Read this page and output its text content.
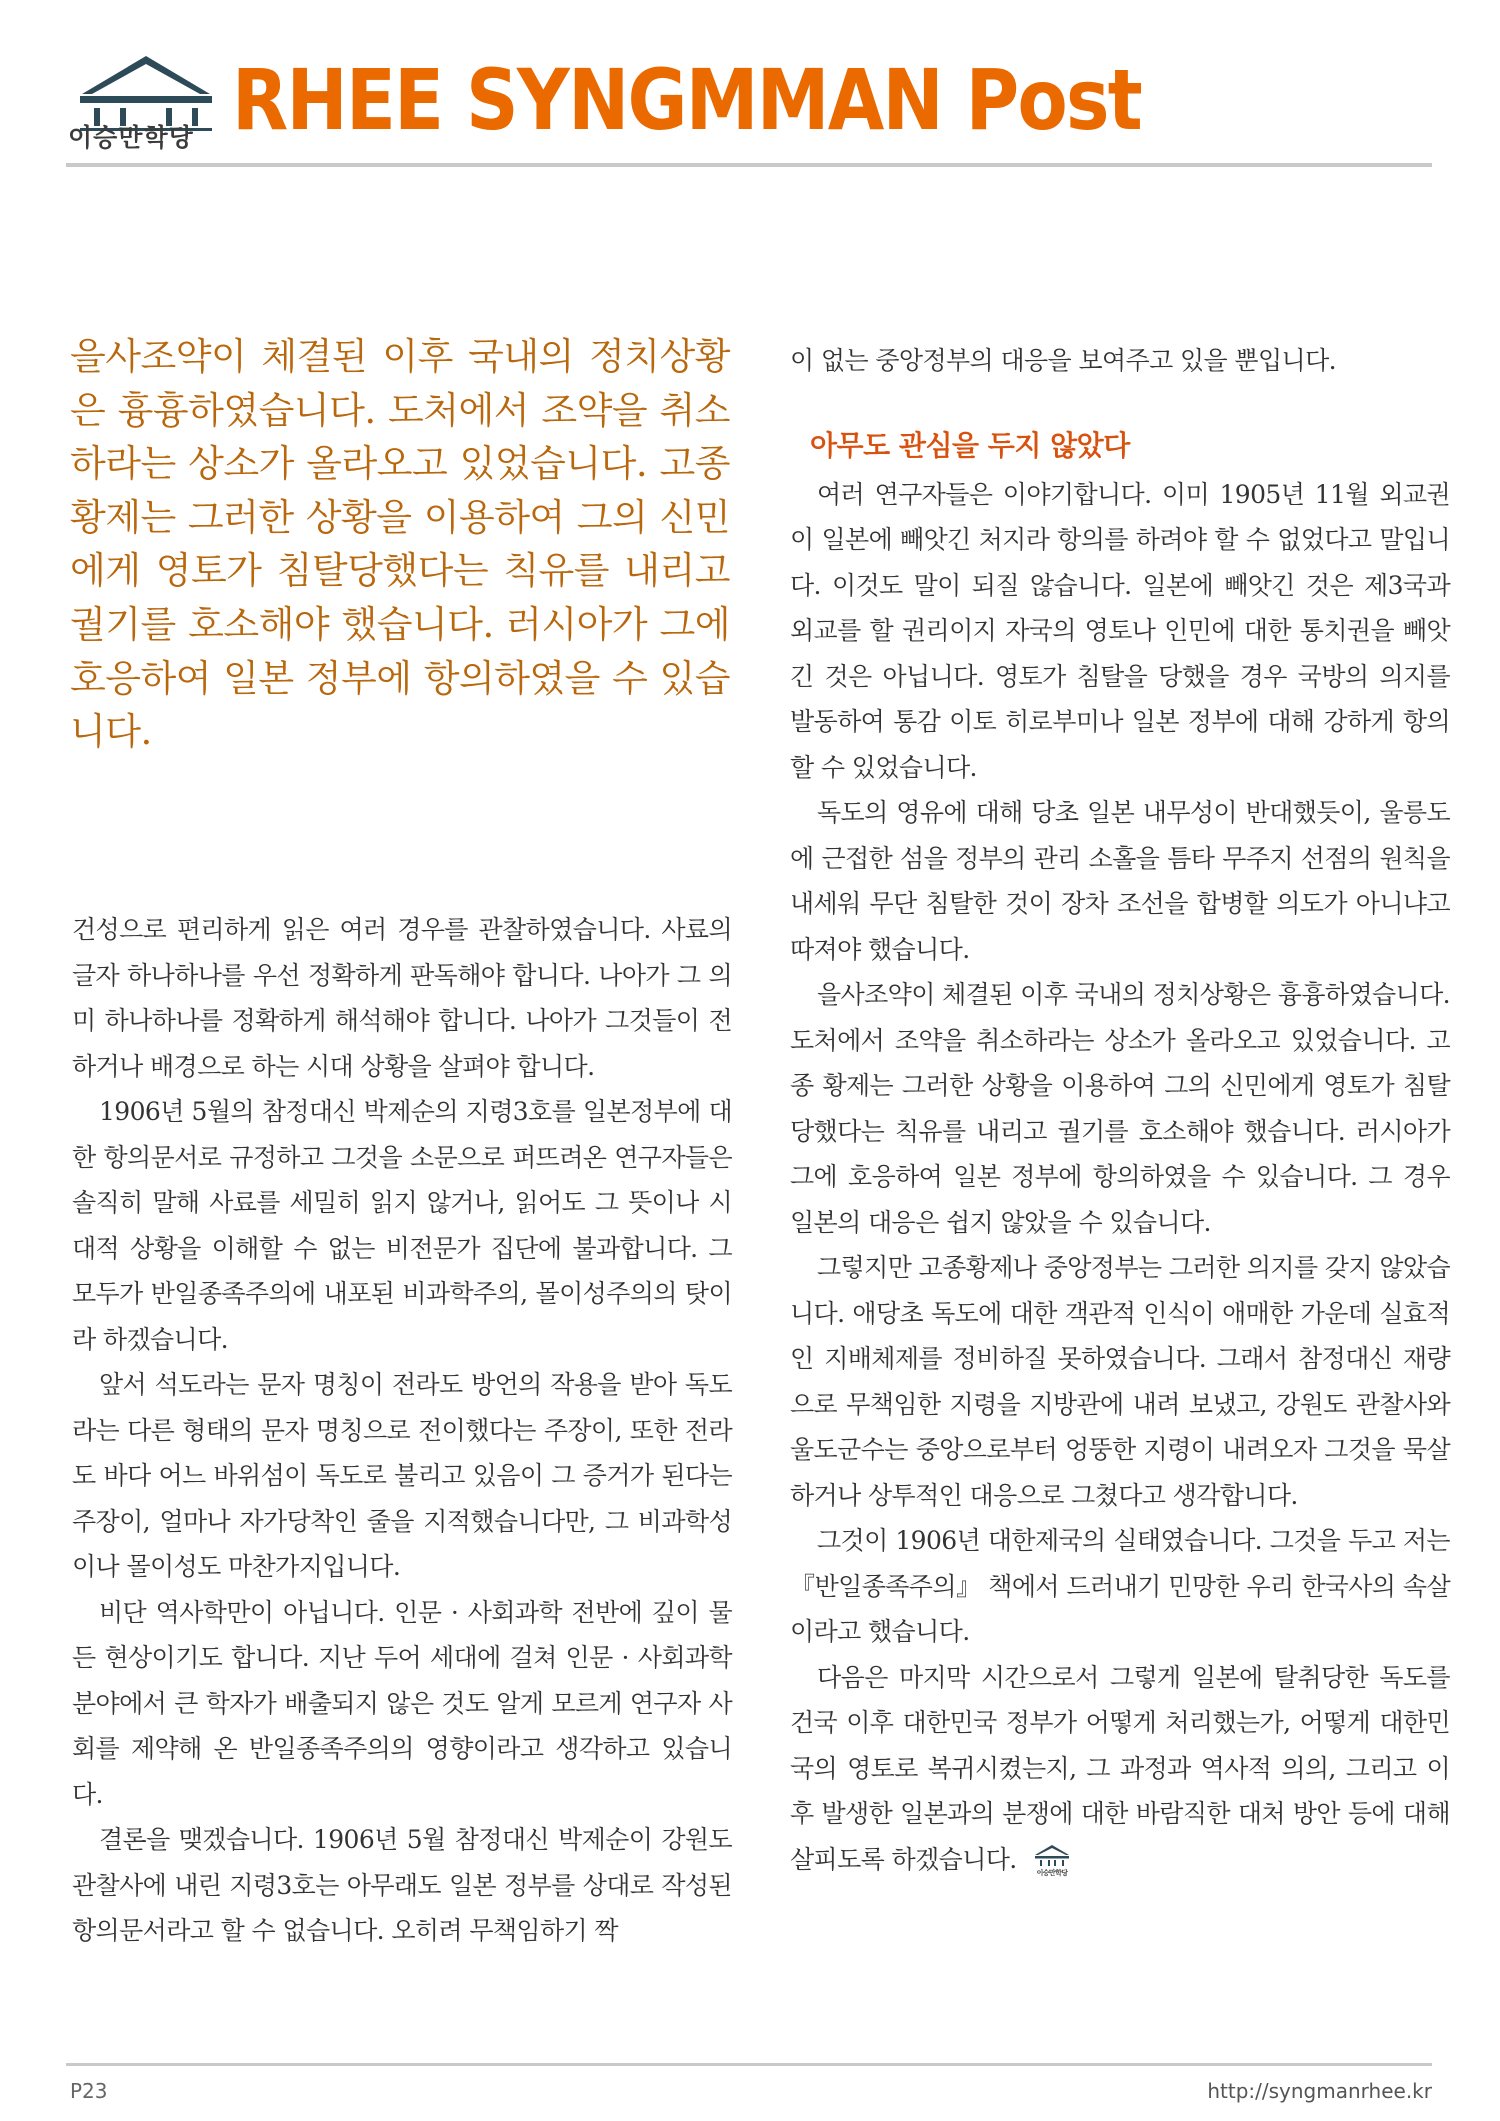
이승만학당 RHEE SYNGMMAN Post

을사조약이 체결된 이후 국내의 정치상황은 흉흉하였습니다. 도처에서 조약을 취소하라는 상소가 올라오고 있었습니다. 고종 황제는 그러한 상황을 이용하여 그의 신민에게 영토가 침탈당했다는 칙유를 내리고 궐기를 호소해야 했습니다. 러시아가 그에 호응하여 일본 정부에 항의하였을 수 있습니다.

건성으로 편리하게 읽은 여러 경우를 관찰하였습니다. 사료의 글자 하나하나를 우선 정확하게 판독해야 합니다. 나아가 그 의미 하나하나를 정확하게 해석해야 합니다. 나아가 그것들이 전하거나 배경으로 하는 시대 상황을 살펴야 합니다.

1906년 5월의 참정대신 박제순의 지령3호를 일본정부에 대한 항의문서로 규정하고 그것을 소문으로 퍼뜨려온 연구자들은 솔직히 말해 사료를 세밀히 읽지 않거나, 읽어도 그 뜻이나 시대적 상황을 이해할 수 없는 비전문가 집단에 불과합니다. 그 모두가 반일종족주의에 내포된 비과학주의, 몰이성주의의 탓이라 하겠습니다.

앞서 석도라는 문자 명칭이 전라도 방언의 작용을 받아 독도라는 다른 형태의 문자 명칭으로 전이했다는 주장이, 또한 전라도 바다 어느 바위섬이 독도로 불리고 있음이 그 증거가 된다는 주장이, 얼마나 자가당착인 줄을 지적했습니다만, 그 비과학성이나 몰이성도 마찬가지입니다.

비단 역사학만이 아닙니다. 인문 · 사회과학 전반에 깊이 물든 현상이기도 합니다. 지난 두어 세대에 걸쳐 인문 · 사회과학 분야에서 큰 학자가 배출되지 않은 것도 알게 모르게 연구자 사회를 제약해 온 반일종족주의의 영향이라고 생각하고 있습니다.

결론을 맺겠습니다. 1906년 5월 참정대신 박제순이 강원도 관찰사에 내린 지령3호는 아무래도 일본 정부를 상대로 작성된 항의문서라고 할 수 없습니다. 오히려 무책임하기 짝

이 없는 중앙정부의 대응을 보여주고 있을 뿐입니다.

아무도 관심을 두지 않았다

여러 연구자들은 이야기합니다. 이미 1905년 11월 외교권이 일본에 빼앗긴 처지라 항의를 하려야 할 수 없었다고 말입니다. 이것도 말이 되질 않습니다. 일본에 빼앗긴 것은 제3국과 외교를 할 권리이지 자국의 영토나 인민에 대한 통치권을 빼앗긴 것은 아닙니다. 영토가 침탈을 당했을 경우 국방의 의지를 발동하여 통감 이토 히로부미나 일본 정부에 대해 강하게 항의할 수 있었습니다.

독도의 영유에 대해 당초 일본 내무성이 반대했듯이, 울릉도에 근접한 섬을 정부의 관리 소홀을 틈타 무주지 선점의 원칙을 내세워 무단 침탈한 것이 장차 조선을 합병할 의도가 아니냐고 따져야 했습니다.

을사조약이 체결된 이후 국내의 정치상황은 흉흉하였습니다. 도처에서 조약을 취소하라는 상소가 올라오고 있었습니다. 고종 황제는 그러한 상황을 이용하여 그의 신민에게 영토가 침탈당했다는 칙유를 내리고 궐기를 호소해야 했습니다. 러시아가 그에 호응하여 일본 정부에 항의하였을 수 있습니다. 그 경우 일본의 대응은 쉽지 않았을 수 있습니다.

그렇지만 고종황제나 중앙정부는 그러한 의지를 갖지 않았습니다. 애당초 독도에 대한 객관적 인식이 애매한 가운데 실효적인 지배체제를 정비하질 못하였습니다. 그래서 참정대신 재량으로 무책임한 지령을 지방관에 내려 보냈고, 강원도 관찰사와 울도군수는 중앙으로부터 엉뚱한 지령이 내려오자 그것을 묵살하거나 상투적인 대응으로 그쳤다고 생각합니다.

그것이 1906년 대한제국의 실태였습니다. 그것을 두고 저는 『반일종족주의』 책에서 드러내기 민망한 우리 한국사의 속살이라고 했습니다.

다음은 마지막 시간으로서 그렇게 일본에 탈취당한 독도를 건국 이후 대한민국 정부가 어떻게 처리했는가, 어떻게 대한민국의 영토로 복귀시켰는지, 그 과정과 역사적 의의, 그리고 이후 발생한 일본과의 분쟁에 대한 바람직한 대처 방안 등에 대해 살피도록 하겠습니다.	이승만학당

P23	http://syngmanrhee.kr
